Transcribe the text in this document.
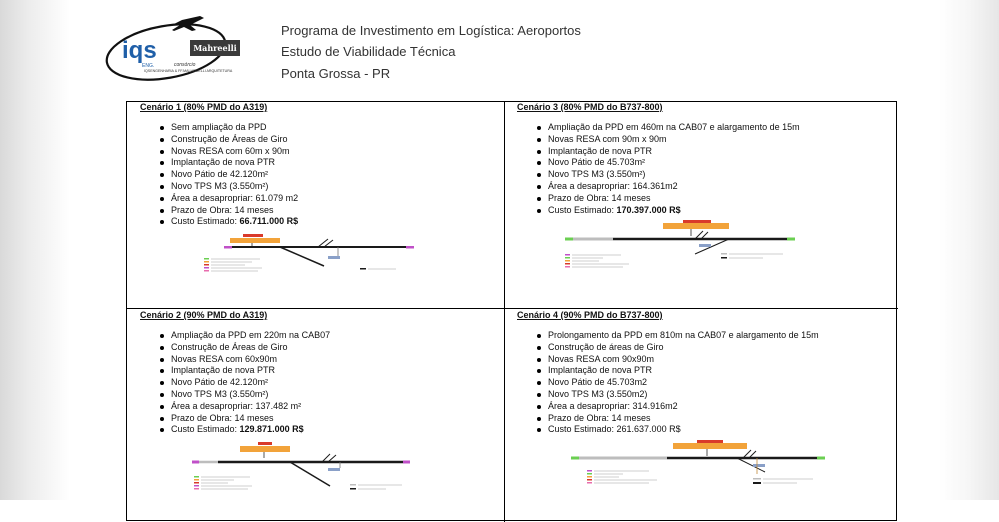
Mahreelli
iqs
ENG.	consórcio
IQSENGENHARIA & FF.MALHEGELLI ARQUITETURA
Programa de Investimento em Logística: Aeroportos
Estudo de Viabilidade Técnica
Ponta Grossa - PR
Cenário 1 (80% PMD do A319)
Sem ampliação da PPD
Construção de Áreas de Giro
Novas RESA com 60m x 90m
Implantação de nova PTR
Novo Pátio de 42.120m²
Novo TPS M3 (3.550m²)
Área a desapropriar: 61.079 m2
Prazo de Obra: 14 meses
Custo Estimado: 66.711.000 R$
Cenário 3 (80% PMD do B737-800)
Ampliação da PPD em 460m na CAB07 e alargamento de 15m
Novas RESA com 90m x 90m
Implantação de nova PTR
Novo Pátio de 45.703m²
Novo TPS M3 (3.550m²)
Área a desapropriar: 164.361m2
Prazo de Obra: 14 meses
Custo Estimado: 170.397.000 R$
Cenário 2 (90% PMD do A319)
Ampliação da PPD em 220m na CAB07
Construção de Áreas de Giro
Novas RESA com 60x90m
Implantação de nova PTR
Novo Pátio de 42.120m²
Novo TPS M3 (3.550m²)
Área a desapropriar: 137.482 m²
Prazo de Obra: 14 meses
Custo Estimado: 129.871.000 R$
Cenário 4 (90% PMD do B737-800)
Prolongamento da PPD em 810m na CAB07 e alargamento de 15m
Construção de áreas de Giro
Novas RESA com 90x90m
Implantação de nova PTR
Novo Pátio de 45.703m2
Novo TPS M3 (3.550m2)
Área a desapropriar: 314.916m2
Prazo de Obra: 14 meses
Custo Estimado: 261.637.000 R$
